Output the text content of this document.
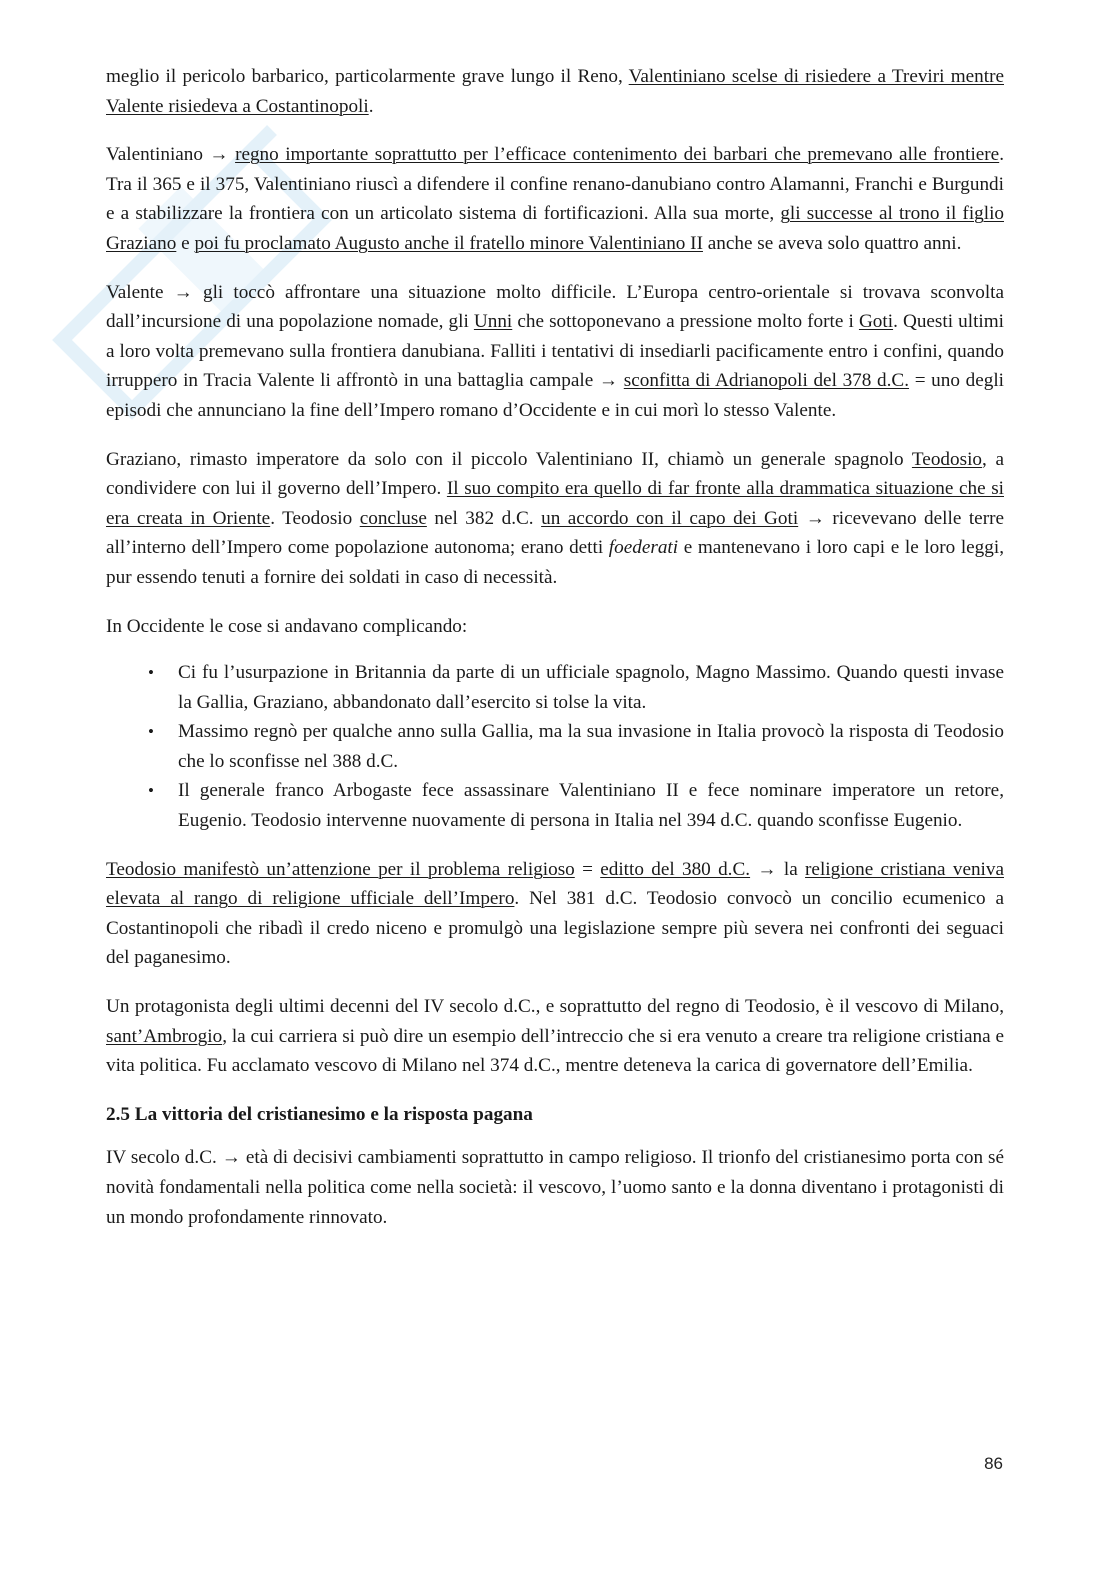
meglio il pericolo barbarico, particolarmente grave lungo il Reno, Valentiniano scelse di risiedere a Treviri mentre Valente risiedeva a Costantinopoli.

Valentiniano → regno importante soprattutto per l’efficace contenimento dei barbari che premevano alle frontiere. Tra il 365 e il 375, Valentiniano riuscì a difendere il confine renano-danubiano contro Alamanni, Franchi e Burgundi e a stabilizzare la frontiera con un articolato sistema di fortificazioni. Alla sua morte, gli successe al trono il figlio Graziano e poi fu proclamato Augusto anche il fratello minore Valentiniano II anche se aveva solo quattro anni.

Valente → gli toccò affrontare una situazione molto difficile. L’Europa centro-orientale si trovava sconvolta dall’incursione di una popolazione nomade, gli Unni che sottoponevano a pressione molto forte i Goti. Questi ultimi a loro volta premevano sulla frontiera danubiana. Falliti i tentativi di insediarli pacificamente entro i confini, quando irruppero in Tracia Valente li affrontò in una battaglia campale → sconfitta di Adrianopoli del 378 d.C. = uno degli episodi che annunciano la fine dell’Impero romano d’Occidente e in cui morì lo stesso Valente.

Graziano, rimasto imperatore da solo con il piccolo Valentiniano II, chiamò un generale spagnolo Teodosio, a condividere con lui il governo dell’Impero. Il suo compito era quello di far fronte alla drammatica situazione che si era creata in Oriente. Teodosio concluse nel 382 d.C. un accordo con il capo dei Goti → ricevevano delle terre all’interno dell’Impero come popolazione autonoma; erano detti foederati e mantenevano i loro capi e le loro leggi, pur essendo tenuti a fornire dei soldati in caso di necessità.

In Occidente le cose si andavano complicando:

• Ci fu l’usurpazione in Britannia da parte di un ufficiale spagnolo, Magno Massimo. Quando questi invase la Gallia, Graziano, abbandonato dall’esercito si tolse la vita.
• Massimo regnò per qualche anno sulla Gallia, ma la sua invasione in Italia provocò la risposta di Teodosio che lo sconfisse nel 388 d.C.
• Il generale franco Arbogaste fece assassinare Valentiniano II e fece nominare imperatore un retore, Eugenio. Teodosio intervenne nuovamente di persona in Italia nel 394 d.C. quando sconfisse Eugenio.

Teodosio manifestò un’attenzione per il problema religioso = editto del 380 d.C. → la religione cristiana veniva elevata al rango di religione ufficiale dell’Impero. Nel 381 d.C. Teodosio convocò un concilio ecumenico a Costantinopoli che ribadì il credo niceno e promulgò una legislazione sempre più severa nei confronti dei seguaci del paganesimo.

Un protagonista degli ultimi decenni del IV secolo d.C., e soprattutto del regno di Teodosio, è il vescovo di Milano, sant’Ambrogio, la cui carriera si può dire un esempio dell’intreccio che si era venuto a creare tra religione cristiana e vita politica. Fu acclamato vescovo di Milano nel 374 d.C., mentre deteneva la carica di governatore dell’Emilia.

2.5 La vittoria del cristianesimo e la risposta pagana

IV secolo d.C. → età di decisivi cambiamenti soprattutto in campo religioso. Il trionfo del cristianesimo porta con sé novità fondamentali nella politica come nella società: il vescovo, l’uomo santo e la donna diventano i protagonisti di un mondo profondamente rinnovato.

86
